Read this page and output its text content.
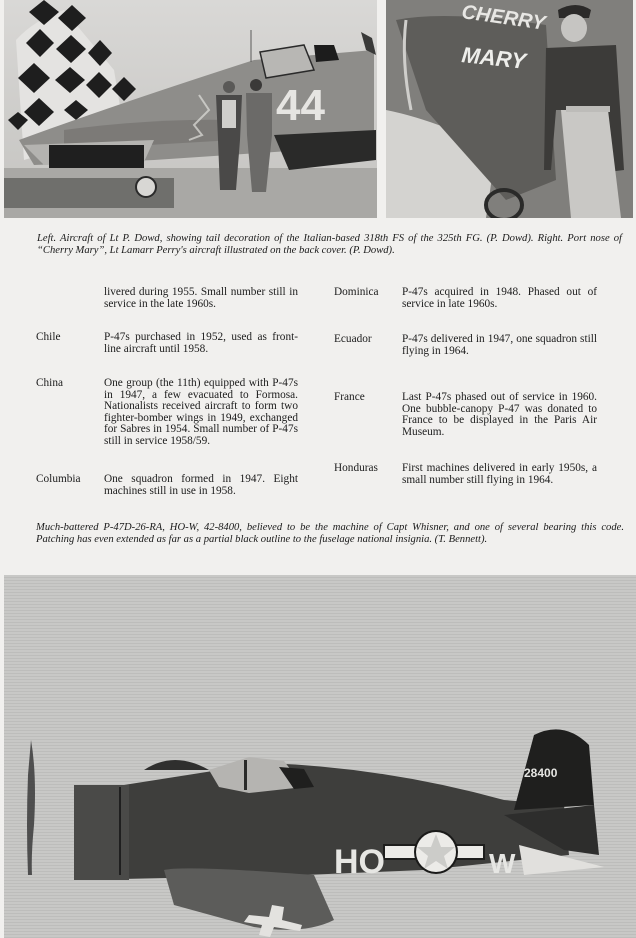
44
CHERRY
MARY
Left. Aircraft of Lt P. Dowd, showing tail decoration of the Italian-based 318th FS of the 325th FG. (P. Dowd). Right. Port nose of “Cherry Mary”, Lt Lamarr Perry's aircraft illustrated on the back cover. (P. Dowd).
livered during 1955. Small number still in service in the late 1960s.
Chile	P-47s purchased in 1952, used as front-line aircraft until 1958.
China	One group (the 11th) equipped with P-47s in 1947, a few evacuated to Formosa. Nationalists received aircraft to form two fighter-bomber wings in 1949, exchanged for Sabres in 1954. Small number of P-47s still in service 1958/59.
Columbia One squadron formed in 1947. Eight machines still in use in 1958.
Dominica P-47s acquired in 1948. Phased out of service in late 1960s.
Ecuador	P-47s delivered in 1947, one squadron still flying in 1964.
France	Last P-47s phased out of service in 1960. One bubble-canopy P-47 was donated to France to be displayed in the Paris Air Museum.
Honduras First machines delivered in early 1950s, a small number still flying in 1964.
Much-battered P-47D-26-RA, HO-W, 42-8400, believed to be the machine of Capt Whisner, and one of several bearing this code. Patching has even extended as far as a partial black outline to the fuselage national insignia. (T. Bennett).
28400
HO	W
